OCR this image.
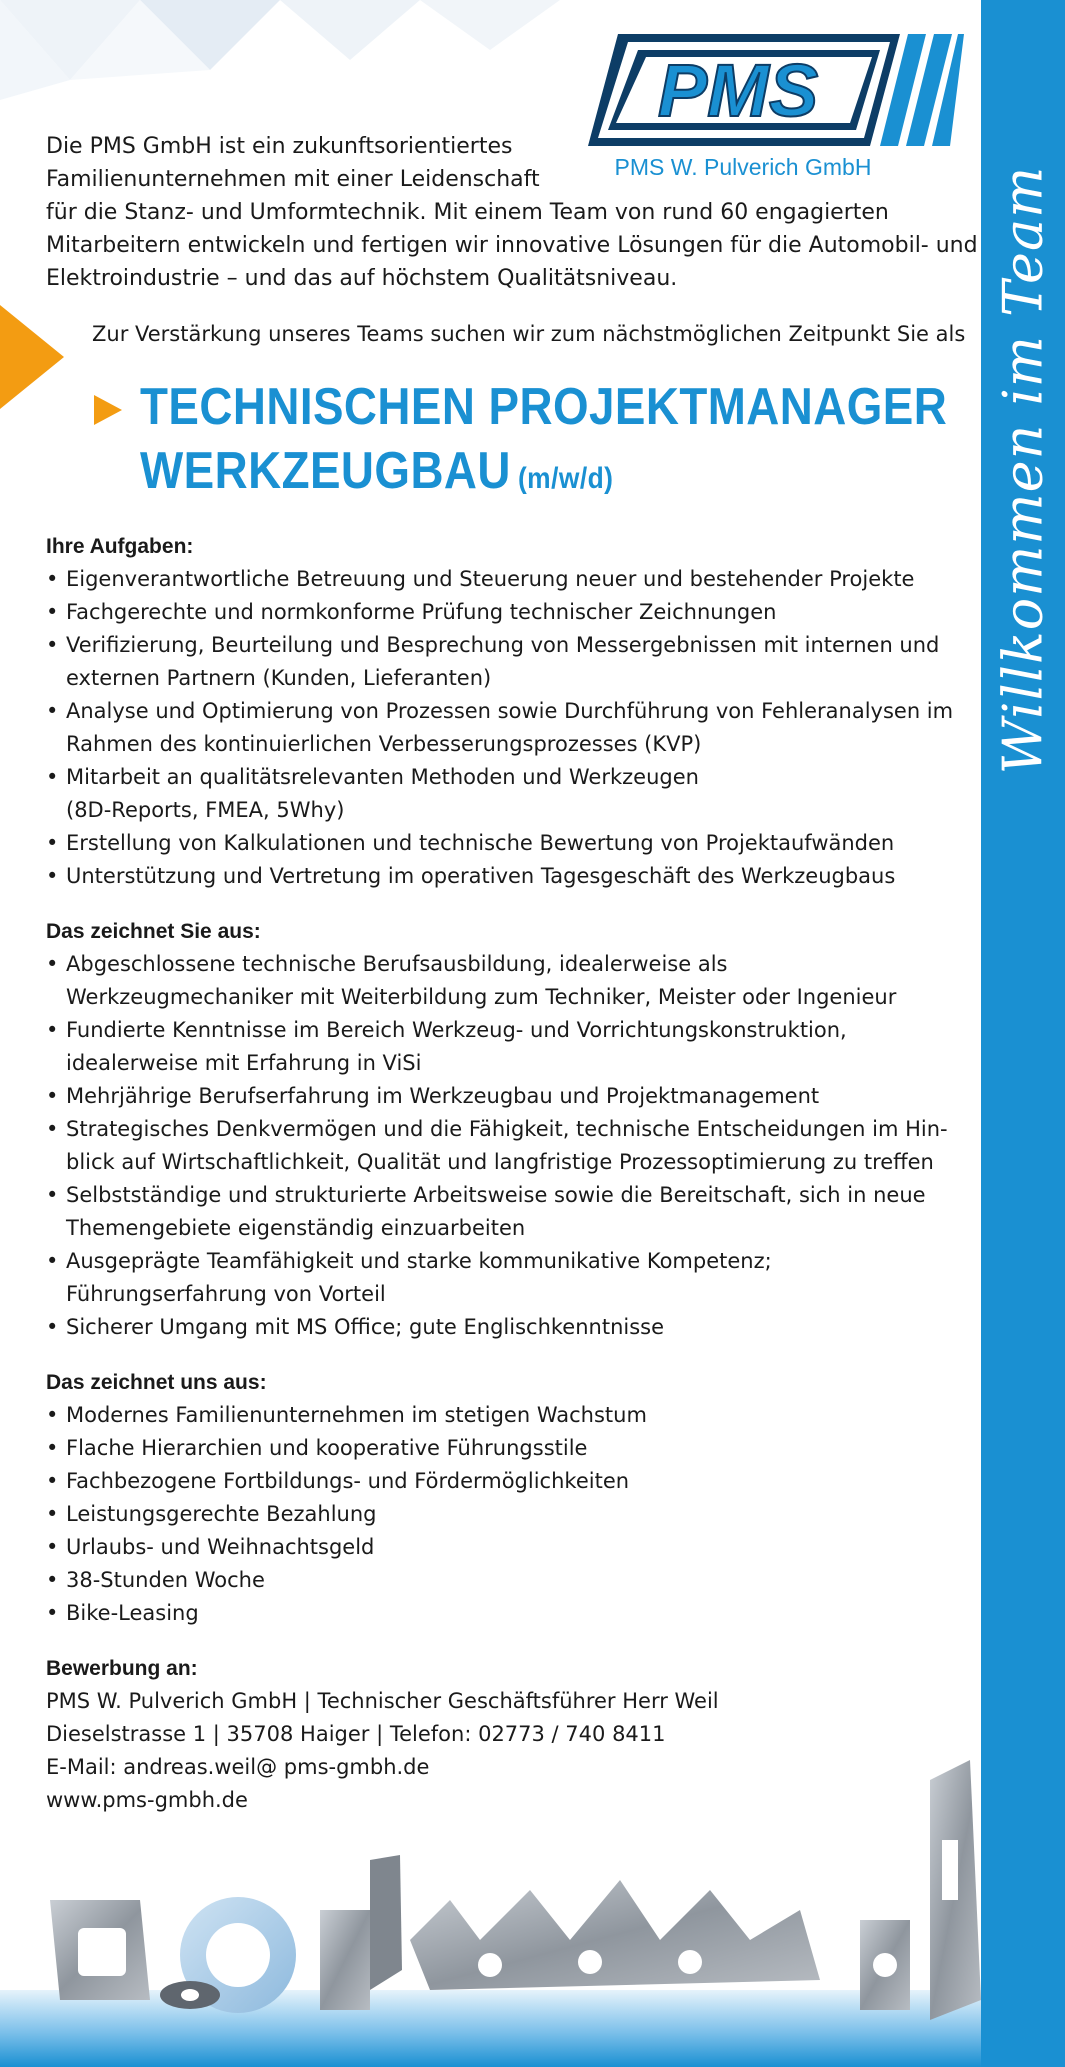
Willkommen im Team
PMS
PMS W. Pulverich GmbH
Die PMS GmbH ist ein zukunftsorientiertes
Familienunternehmen mit einer Leidenschaft
für die Stanz- und Umformtechnik. Mit einem Team von rund 60 engagierten
Mitarbeitern entwickeln und fertigen wir innovative Lösungen für die Automobil- und
Elektroindustrie – und das auf höchstem Qualitätsniveau.
Zur Verstärkung unseres Teams suchen wir zum nächstmöglichen Zeitpunkt Sie als
TECHNISCHEN PROJEKTMANAGER
WERKZEUGBAU (m/w/d)
Ihre Aufgaben:
• Eigenverantwortliche Betreuung und Steuerung neuer und bestehender Projekte
• Fachgerechte und normkonforme Prüfung technischer Zeichnungen
• Verifizierung, Beurteilung und Besprechung von Messergebnissen mit internen und
externen Partnern (Kunden, Lieferanten)
• Analyse und Optimierung von Prozessen sowie Durchführung von Fehleranalysen im
Rahmen des kontinuierlichen Verbesserungsprozesses (KVP)
• Mitarbeit an qualitätsrelevanten Methoden und Werkzeugen
(8D-Reports, FMEA, 5Why)
• Erstellung von Kalkulationen und technische Bewertung von Projektaufwänden
• Unterstützung und Vertretung im operativen Tagesgeschäft des Werkzeugbaus
Das zeichnet Sie aus:
• Abgeschlossene technische Berufsausbildung, idealerweise als
Werkzeugmechaniker mit Weiterbildung zum Techniker, Meister oder Ingenieur
• Fundierte Kenntnisse im Bereich Werkzeug- und Vorrichtungskonstruktion,
idealerweise mit Erfahrung in ViSi
• Mehrjährige Berufserfahrung im Werkzeugbau und Projektmanagement
• Strategisches Denkvermögen und die Fähigkeit, technische Entscheidungen im Hin-
blick auf Wirtschaftlichkeit, Qualität und langfristige Prozessoptimierung zu treffen
• Selbstständige und strukturierte Arbeitsweise sowie die Bereitschaft, sich in neue
Themengebiete eigenständig einzuarbeiten
• Ausgeprägte Teamfähigkeit und starke kommunikative Kompetenz;
Führungserfahrung von Vorteil
• Sicherer Umgang mit MS Office; gute Englischkenntnisse
Das zeichnet uns aus:
• Modernes Familienunternehmen im stetigen Wachstum
• Flache Hierarchien und kooperative Führungsstile
• Fachbezogene Fortbildungs- und Fördermöglichkeiten
• Leistungsgerechte Bezahlung
• Urlaubs- und Weihnachtsgeld
• 38-Stunden Woche
• Bike-Leasing
Bewerbung an:
PMS W. Pulverich GmbH | Technischer Geschäftsführer Herr Weil
Dieselstrasse 1 | 35708 Haiger | Telefon: 02773 / 740 8411
E-Mail: andreas.weil@ pms-gmbh.de
www.pms-gmbh.de
